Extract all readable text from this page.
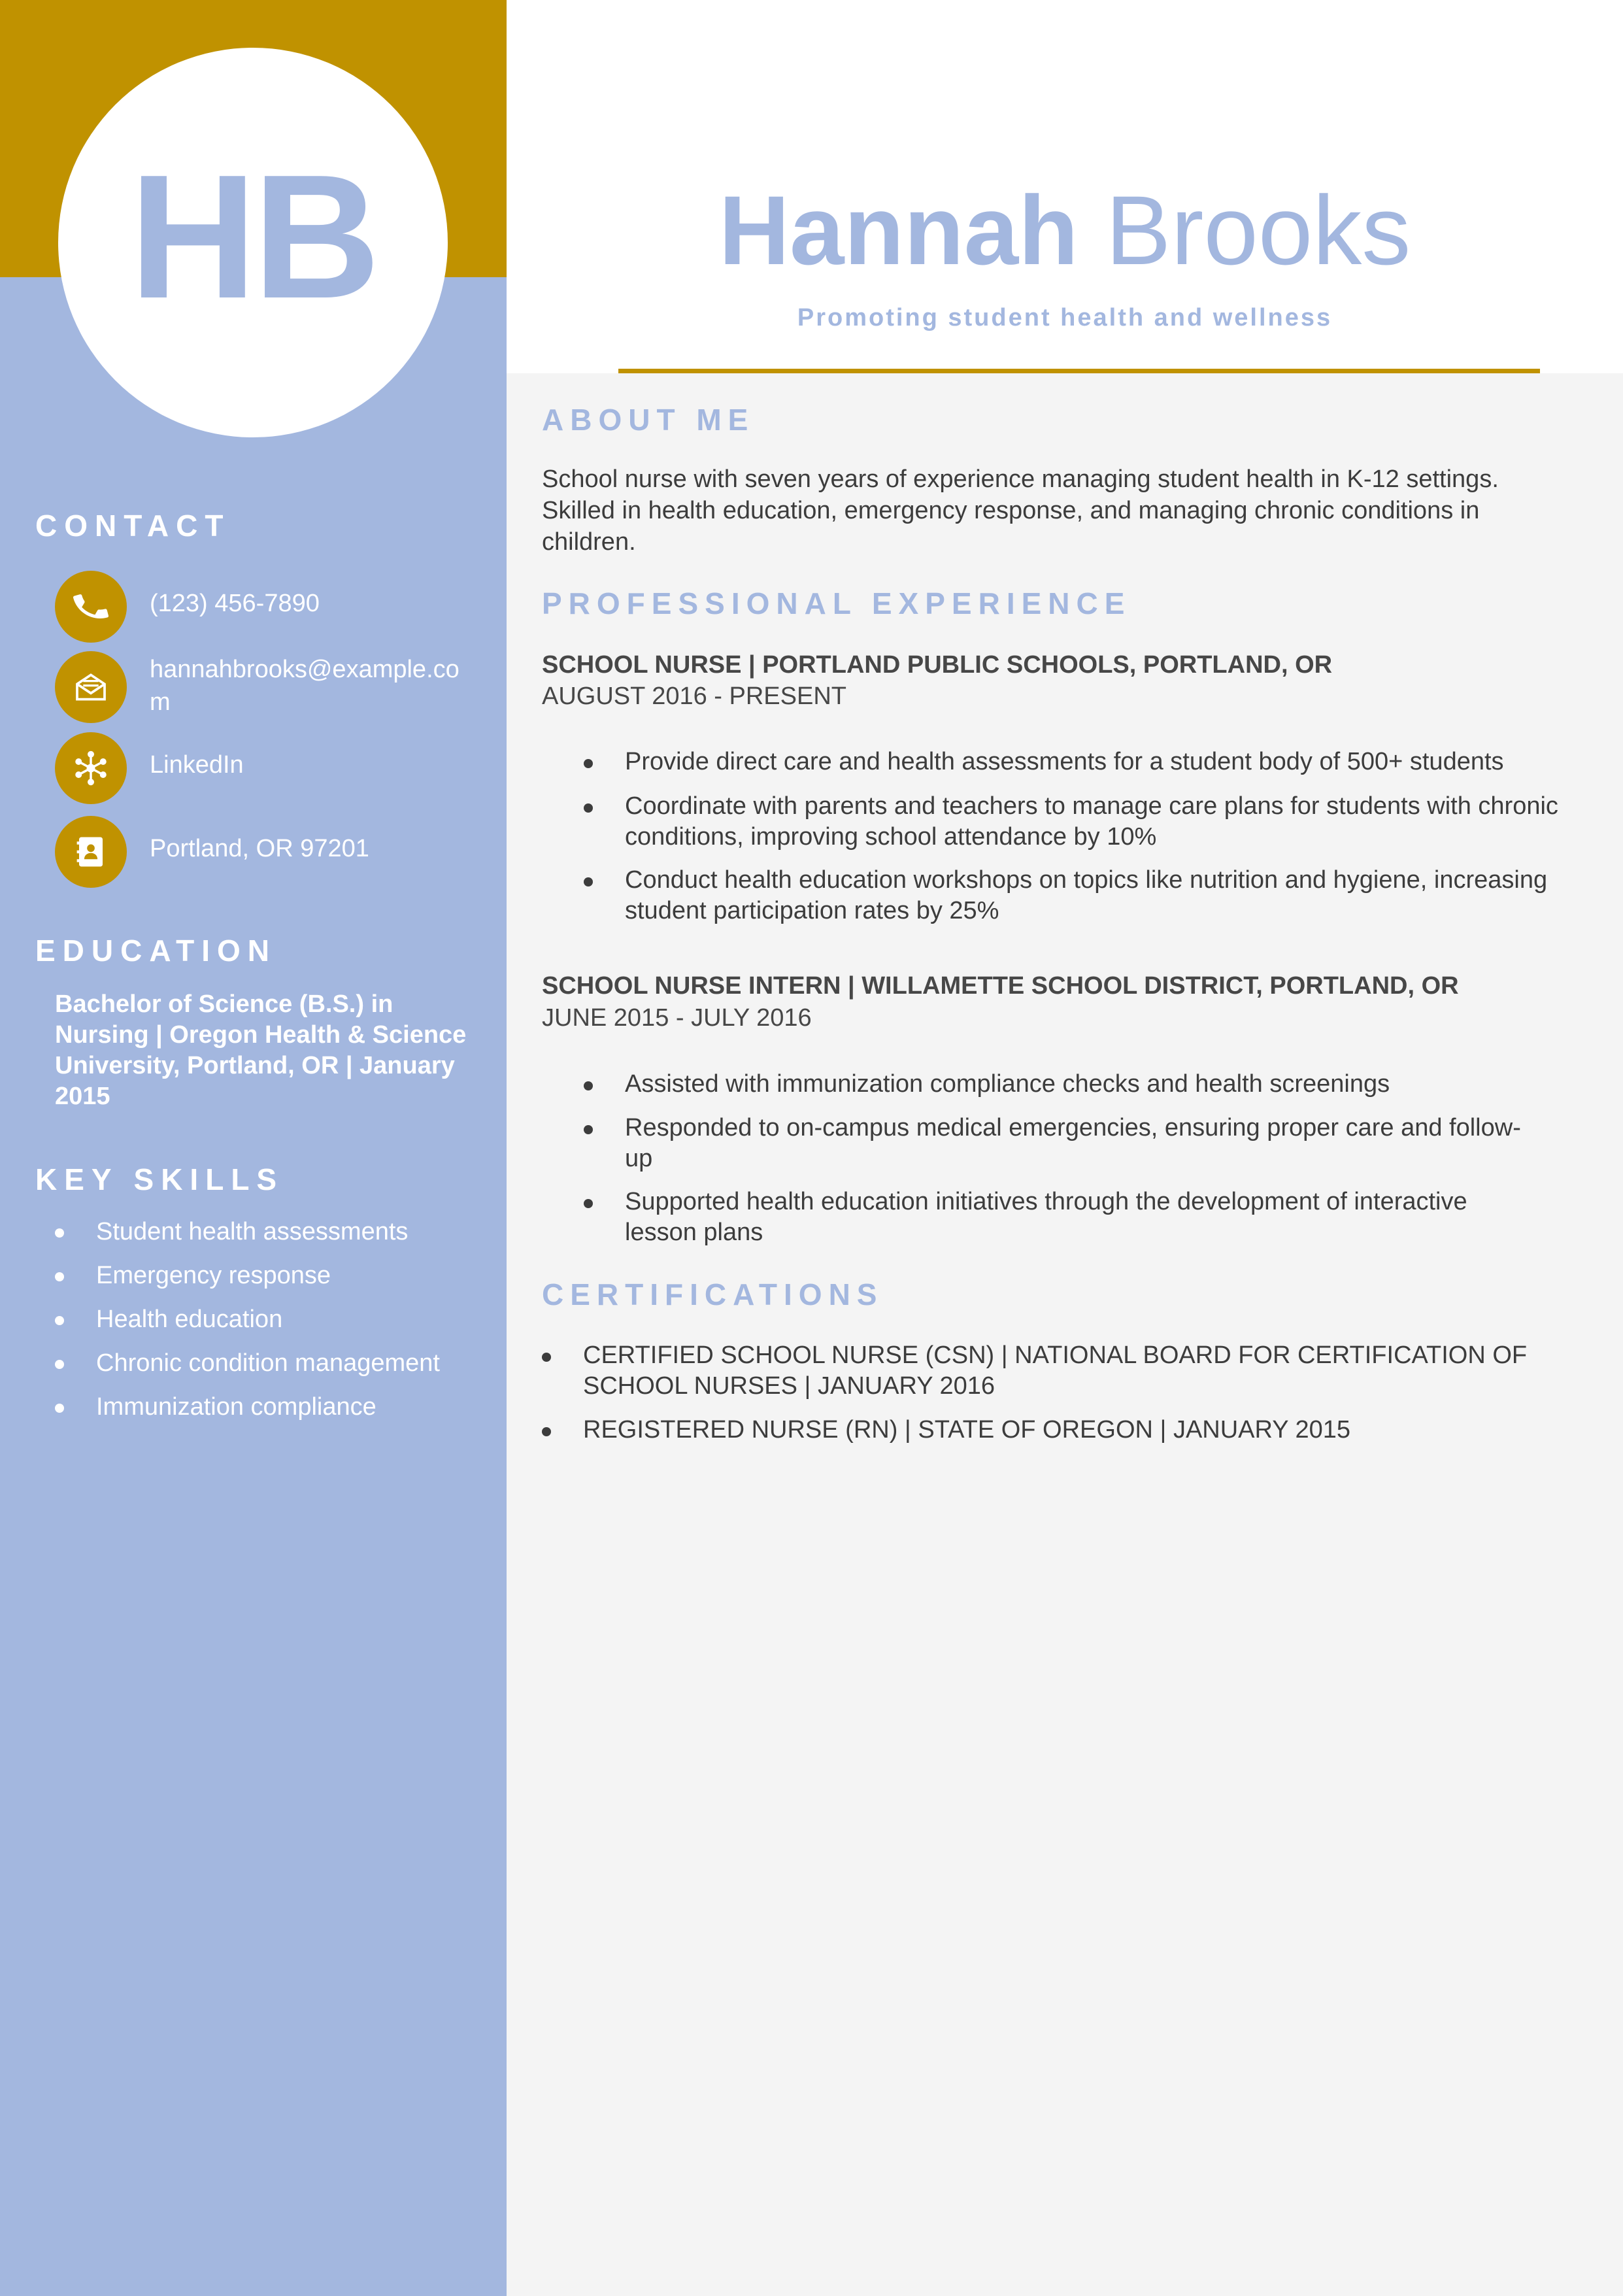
HB
CONTACT
(123) 456-7890
hannahbrooks@example.com
LinkedIn
Portland, OR 97201
EDUCATION
Bachelor of Science (B.S.) in Nursing | Oregon Health & Science University, Portland, OR | January 2015
KEY SKILLS
Student health assessments
Emergency response
Health education
Chronic condition management
Immunization compliance
Hannah Brooks
Promoting student health and wellness
ABOUT ME
School nurse with seven years of experience managing student health in K-12 settings. Skilled in health education, emergency response, and managing chronic conditions in children.
PROFESSIONAL EXPERIENCE
SCHOOL NURSE | PORTLAND PUBLIC SCHOOLS, PORTLAND, OR
AUGUST 2016 - PRESENT
Provide direct care and health assessments for a student body of 500+ students
Coordinate with parents and teachers to manage care plans for students with chronic conditions, improving school attendance by 10%
Conduct health education workshops on topics like nutrition and hygiene, increasing student participation rates by 25%
SCHOOL NURSE INTERN | WILLAMETTE SCHOOL DISTRICT, PORTLAND, OR
JUNE 2015 - JULY 2016
Assisted with immunization compliance checks and health screenings
Responded to on-campus medical emergencies, ensuring proper care and follow-up
Supported health education initiatives through the development of interactive lesson plans
CERTIFICATIONS
CERTIFIED SCHOOL NURSE (CSN) | NATIONAL BOARD FOR CERTIFICATION OF SCHOOL NURSES | JANUARY 2016
REGISTERED NURSE (RN) | STATE OF OREGON | JANUARY 2015
